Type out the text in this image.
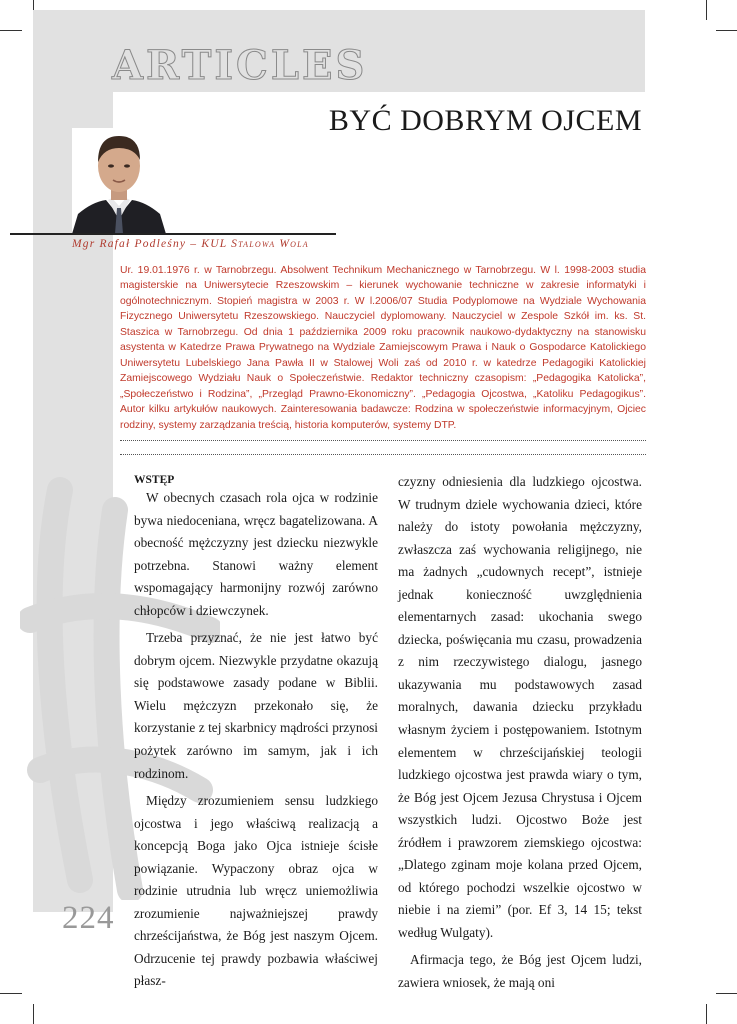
ARTICLES
BYĆ DOBRYM OJCEM

Mgr Rafał Podleśny – KUL Stalowa Wola

Ur. 19.01.1976 r. w Tarnobrzegu. Absolwent Technikum Mechanicznego w Tarnobrzegu. W l. 1998-2003 studia magisterskie na Uniwersytecie Rzeszowskim – kierunek wychowanie techniczne w zakresie informatyki i ogólnotechnicznym. Stopień magistra w 2003 r. W l.2006/07 Studia Podyplomowe na Wydziale Wychowania Fizycznego Uniwersytetu Rzeszowskiego. Nauczyciel dyplomowany. Nauczyciel w Zespole Szkół im. ks. St. Staszica w Tarnobrzegu. Od dnia 1 października 2009 roku pracownik naukowo-dydaktyczny na stanowisku asystenta w Katedrze Prawa Prywatnego na Wydziale Zamiejscowym Prawa i Nauk o Gospodarce Katolickiego Uniwersytetu Lubelskiego Jana Pawła II w Stalowej Woli zaś od 2010 r. w katedrze Pedagogiki Katolickiej Zamiejscowego Wydziału Nauk o Społeczeństwie. Redaktor techniczny czasopism: „Pedagogika Katolicka”, „Społeczeństwo i Rodzina”, „Przegląd Prawno-Ekonomiczny”. „Pedagogia Ojcostwa, „Katoliku Pedagogikus”. Autor kilku artykułów naukowych. Zainteresowania badawcze: Rodzina w społeczeństwie informacyjnym, Ojciec rodziny, systemy zarządzania treścią, historia komputerów, systemy DTP.

WSTĘP

W obecnych czasach rola ojca w rodzinie bywa niedoceniana, wręcz bagatelizowana. A obecność mężczyzny jest dziecku niezwykle potrzebna. Stanowi ważny element wspomagający harmonijny rozwój zarówno chłopców i dziewczynek.

Trzeba przyznać, że nie jest łatwo być dobrym ojcem. Niezwykle przydatne okazują się podstawowe zasady podane w Biblii. Wielu mężczyzn przekonało się, że korzystanie z tej skarbnicy mądrości przynosi pożytek zarówno im samym, jak i ich rodzinom.

Między zrozumieniem sensu ludzkiego ojcostwa i jego właściwą realizacją a koncepcją Boga jako Ojca istnieje ścisłe powiązanie. Wypaczony obraz ojca w rodzinie utrudnia lub wręcz uniemożliwia zrozumienie najważniejszej prawdy chrześcijaństwa, że Bóg jest naszym Ojcem. Odrzucenie tej prawdy pozbawia właściwej płasz-

czyzny odniesienia dla ludzkiego ojcostwa. W trudnym dziele wychowania dzieci, które należy do istoty powołania mężczyzny, zwłaszcza zaś wychowania religijnego, nie ma żadnych „cudownych recept”, istnieje jednak konieczność uwzględnienia elementarnych zasad: ukochania swego dziecka, poświęcania mu czasu, prowadzenia z nim rzeczywistego dialogu, jasnego ukazywania mu podstawowych zasad moralnych, dawania dziecku przykładu własnym życiem i postępowaniem. Istotnym elementem w chrześcijańskiej teologii ludzkiego ojcostwa jest prawda wiary o tym, że Bóg jest Ojcem Jezusa Chrystusa i Ojcem wszystkich ludzi. Ojcostwo Boże jest źródłem i prawzorem ziemskiego ojcostwa: „Dlatego zginam moje kolana przed Ojcem, od którego pochodzi wszelkie ojcostwo w niebie i na ziemi” (por. Ef 3, 14 15; tekst według Wulgaty).

Afirmacja tego, że Bóg jest Ojcem ludzi, zawiera wniosek, że mają oni

224
